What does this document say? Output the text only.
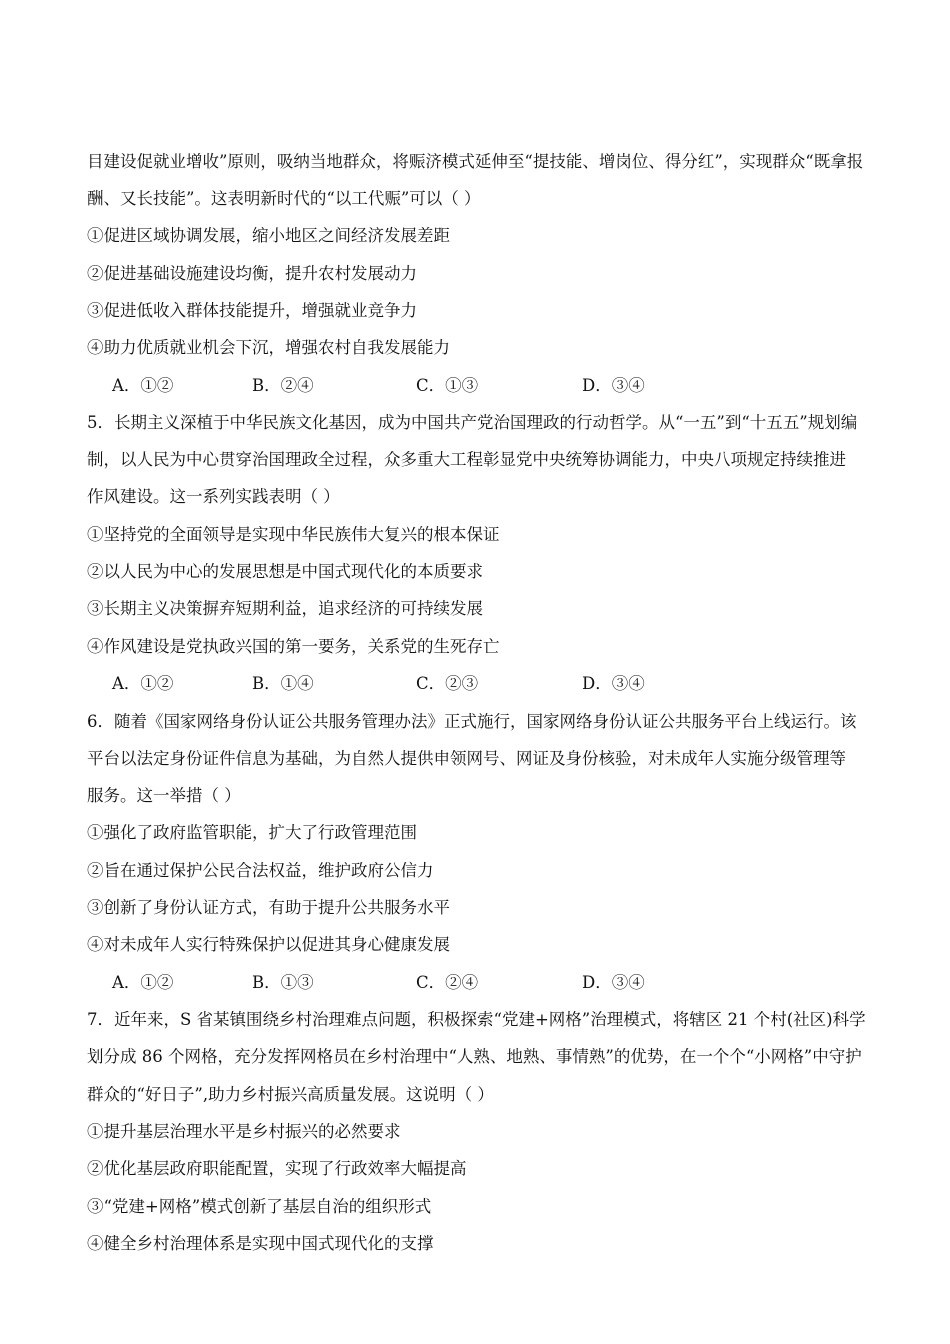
目建设促就业增收”原则，吸纳当地群众，将赈济模式延伸至“提技能、增岗位、得分红”，实现群众“既拿报
酬、又长技能”。这表明新时代的“以工代赈”可以（ ）
①促进区域协调发展，缩小地区之间经济发展差距
②促进基础设施建设均衡，提升农村发展动力
③促进低收入群体技能提升，增强就业竞争力
④助力优质就业机会下沉，增强农村自我发展能力
A．①②	B．②④	C．①③	D．③④
5．长期主义深植于中华民族文化基因，成为中国共产党治国理政的行动哲学。从“一五”到“十五五”规划编
制，以人民为中心贯穿治国理政全过程，众多重大工程彰显党中央统筹协调能力，中央八项规定持续推进
作风建设。这一系列实践表明（ ）
①坚持党的全面领导是实现中华民族伟大复兴的根本保证
②以人民为中心的发展思想是中国式现代化的本质要求
③长期主义决策摒弃短期利益，追求经济的可持续发展
④作风建设是党执政兴国的第一要务，关系党的生死存亡
A．①②	B．①④	C．②③	D．③④
6．随着《国家网络身份认证公共服务管理办法》正式施行，国家网络身份认证公共服务平台上线运行。该
平台以法定身份证件信息为基础，为自然人提供申领网号、网证及身份核验，对未成年人实施分级管理等
服务。这一举措（ ）
①强化了政府监管职能，扩大了行政管理范围
②旨在通过保护公民合法权益，维护政府公信力
③创新了身份认证方式，有助于提升公共服务水平
④对未成年人实行特殊保护以促进其身心健康发展
A．①②	B．①③	C．②④	D．③④
7．近年来，S 省某镇围绕乡村治理难点问题，积极探索“党建+网格”治理模式，将辖区 21 个村(社区)科学
划分成 86 个网格，充分发挥网格员在乡村治理中“人熟、地熟、事情熟”的优势，在一个个“小网格”中守护
群众的“好日子”,助力乡村振兴高质量发展。这说明（ ）
①提升基层治理水平是乡村振兴的必然要求
②优化基层政府职能配置，实现了行政效率大幅提高
③“党建+网格”模式创新了基层自治的组织形式
④健全乡村治理体系是实现中国式现代化的支撑
